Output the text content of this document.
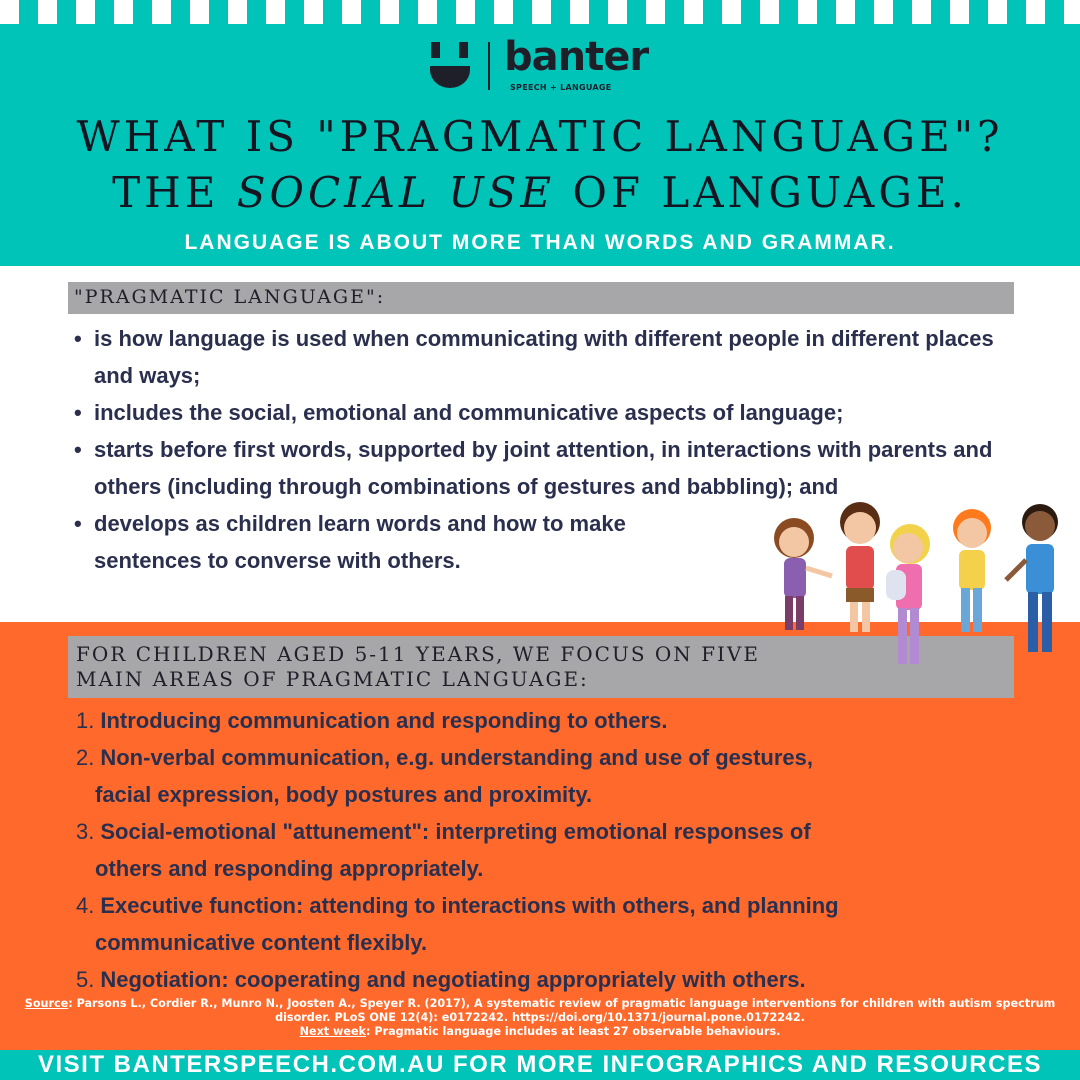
banter
SPEECH + LANGUAGE
WHAT IS "PRAGMATIC LANGUAGE"?
THE SOCIAL USE OF LANGUAGE.
LANGUAGE IS ABOUT MORE THAN WORDS AND GRAMMAR.
"PRAGMATIC LANGUAGE":
• is how language is used when communicating with different people in different places and ways;
• includes the social, emotional and communicative aspects of language;
• starts before first words, supported by joint attention, in interactions with parents and others (including through combinations of gestures and babbling); and
• develops as children learn words and how to make sentences to converse with others.
FOR CHILDREN AGED 5-11 YEARS, WE FOCUS ON FIVE
MAIN AREAS OF PRAGMATIC LANGUAGE:
1. Introducing communication and responding to others.
2. Non-verbal communication, e.g. understanding and use of gestures,
facial expression, body postures and proximity.
3. Social-emotional "attunement": interpreting emotional responses of
others and responding appropriately.
4. Executive function: attending to interactions with others, and planning
communicative content flexibly.
5. Negotiation: cooperating and negotiating appropriately with others.
Source: Parsons L., Cordier R., Munro N., Joosten A., Speyer R. (2017), A systematic review of pragmatic language interventions for children with autism spectrum disorder. PLoS ONE 12(4): e0172242. https://doi.org/10.1371/journal.pone.0172242.
Next week: Pragmatic language includes at least 27 observable behaviours.
VISIT BANTERSPEECH.COM.AU FOR MORE INFOGRAPHICS AND RESOURCES
